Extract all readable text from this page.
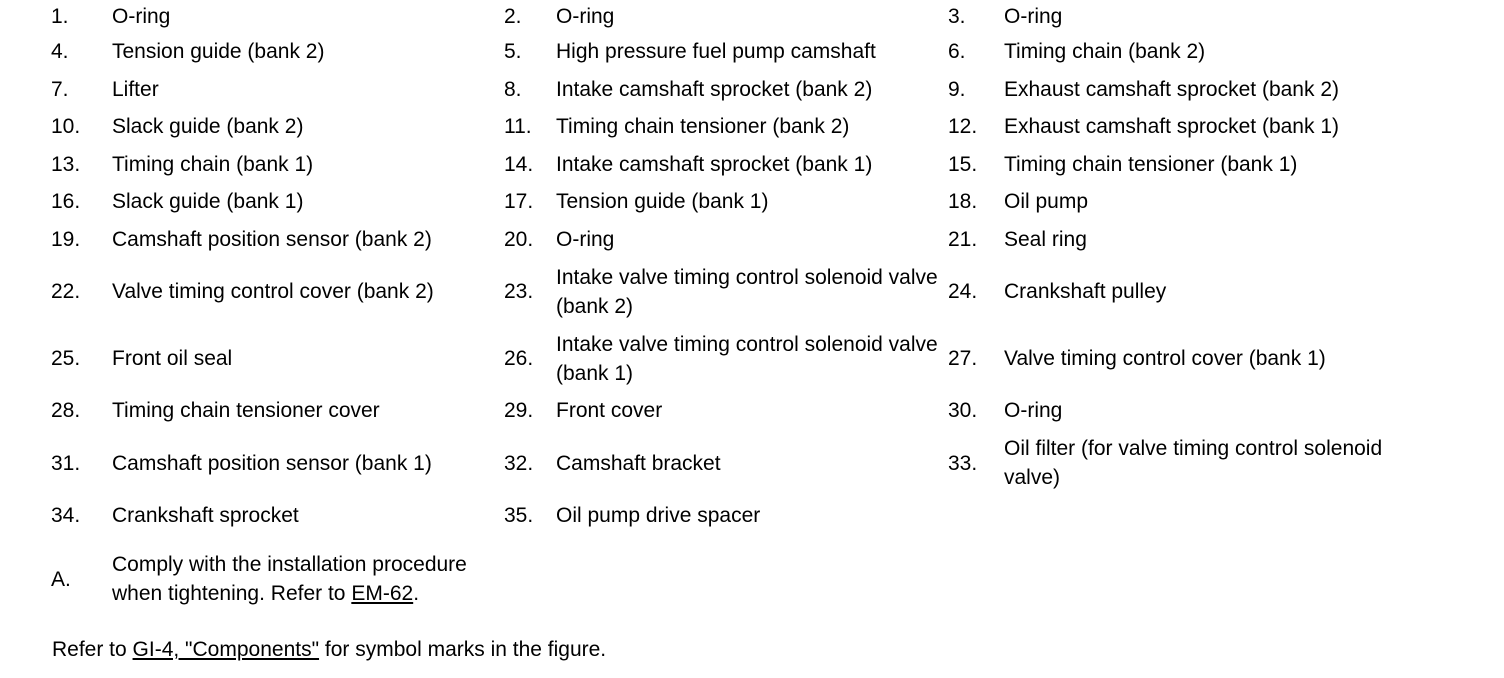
1.	O-ring	2.	O-ring	3.	O-ring
4.	Tension guide (bank 2)	5.	High pressure fuel pump camshaft	6.	Timing chain (bank 2)
7.	Lifter	8.	Intake camshaft sprocket (bank 2)	9.	Exhaust camshaft sprocket (bank 2)
10.	Slack guide (bank 2)	11.	Timing chain tensioner (bank 2)	12.	Exhaust camshaft sprocket (bank 1)
13.	Timing chain (bank 1)	14.	Intake camshaft sprocket (bank 1)	15.	Timing chain tensioner (bank 1)
16.	Slack guide (bank 1)	17.	Tension guide (bank 1)	18.	Oil pump
19.	Camshaft position sensor (bank 2)	20.	O-ring	21.	Seal ring
22.	Valve timing control cover (bank 2)	23.	Intake valve timing control solenoid valve (bank 2)	24.	Crankshaft pulley
25.	Front oil seal	26.	Intake valve timing control solenoid valve (bank 1)	27.	Valve timing control cover (bank 1)
28.	Timing chain tensioner cover	29.	Front cover	30.	O-ring
31.	Camshaft position sensor (bank 1)	32.	Camshaft bracket	33.	Oil filter (for valve timing control solenoid valve)
34.	Crankshaft sprocket	35.	Oil pump drive spacer		
A.	Comply with the installation procedure when tightening. Refer to EM-62.				
Refer to GI-4, "Components" for symbol marks in the figure.
